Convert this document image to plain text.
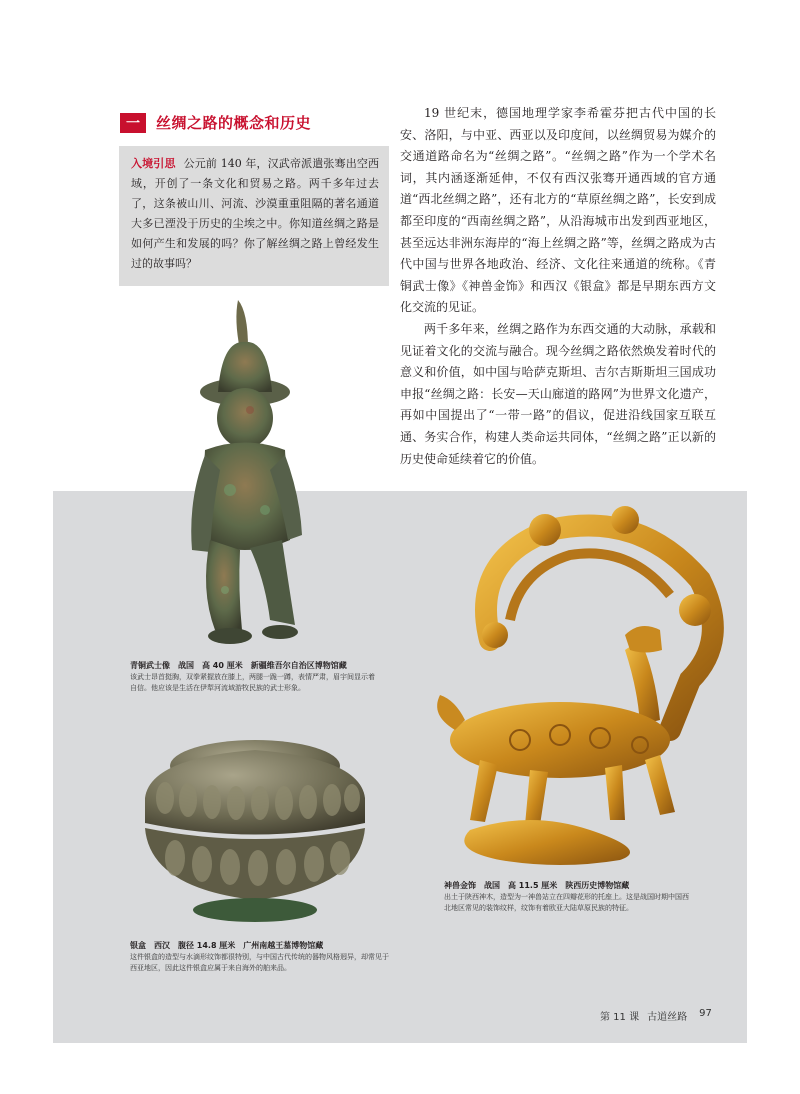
一	丝绸之路的概念和历史
入境引思 公元前 140 年，汉武帝派遣张骞出空西域，开创了一条文化和贸易之路。两千多年过去了，这条被山川、河流、沙漠重重阻隔的著名通道大多已湮没于历史的尘埃之中。你知道丝绸之路是如何产生和发展的吗？你了解丝绸之路上曾经发生过的故事吗？

19 世纪末，德国地理学家李希霍芬把古代中国的长安、洛阳，与中亚、西亚以及印度间，以丝绸贸易为媒介的交通道路命名为“丝绸之路”。“丝绸之路”作为一个学术名词，其内涵逐渐延伸，不仅有西汉张骞开通西域的官方通道“西北丝绸之路”，还有北方的“草原丝绸之路”，长安到成都至印度的“西南丝绸之路”，从沿海城市出发到西亚地区，甚至远达非洲东海岸的“海上丝绸之路”等，丝绸之路成为古代中国与世界各地政治、经济、文化往来通道的统称。《青铜武士像》《神兽金饰》和西汉《银盒》都是早期东西方文化交流的见证。

两千多年来，丝绸之路作为东西交通的大动脉，承载和见证着文化的交流与融合。现今丝绸之路依然焕发着时代的意义和价值，如中国与哈萨克斯坦、吉尔吉斯斯坦三国成功申报“丝绸之路：长安—天山廊道的路网”为世界文化遗产，再如中国提出了“一带一路”的倡议，促进沿线国家互联互通、务实合作，构建人类命运共同体，“丝绸之路”正以新的历史使命延续着它的价值。

青铜武士像　战国　高 40 厘米　新疆维吾尔自治区博物馆藏
该武士昂首挺胸，双拳紧握放在膝上，两腿一跪一蹲，表情严肃，眉宇间显示着自信。他应该是生活在伊犁河流域游牧民族的武士形象。
银盒　西汉　腹径 14.8 厘米　广州南越王墓博物馆藏
这件银盒的造型与水滴形纹饰都很特别，与中国古代传统的器物风格迥异，却常见于西亚地区，因此这件银盒应属于来自海外的舶来品。
神兽金饰　战国　高 11.5 厘米　陕西历史博物馆藏
出土于陕西神木，造型为一神兽站立在四瓣花形的托座上。这是战国时期中国西北地区常见的装饰纹样，纹饰有着欧亚大陆草原民族的特征。
第 11 课 古道丝路 97
